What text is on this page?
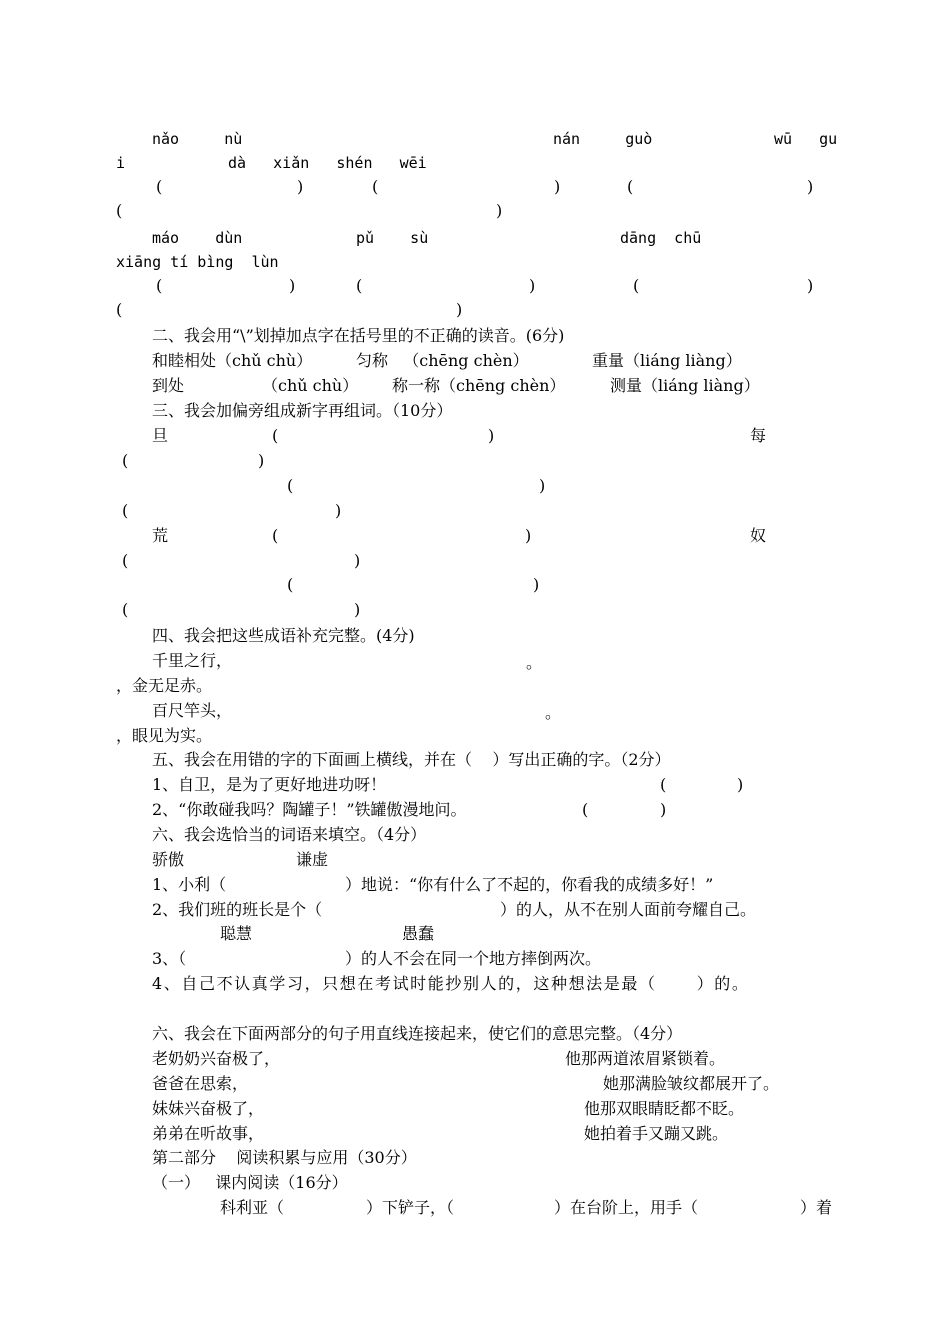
nǎo     nù	nán     guò	wū   gu
i	dà   xiǎn   shén   wēi
(	)	(	)	(	)
(	)
máo    dùn	pǔ    sù	dāng  chū
xiāng tí bìng  lùn
(	)	(	)	(	)
(	)
二、我会用“\”划掉加点字在括号里的不正确的读音。(6分)
和睦相处（chǔ chù）	匀称   （chēng chèn）	重量（liáng liàng）
到处	（chǔ chù） 称一称（chēng chèn）	测量（liáng liàng）
三、我会加偏旁组成新字再组词。（10分）
旦	(	)	每
(	)
(	)
(	)
荒	(	)	奴
(	)
(	)
(	)
四、我会把这些成语补充完整。(4分)
千里之行，	。
，金无足赤。
百尺竿头，	。
，眼见为实。
五、我会在用错的字的下面画上横线，并在（    ）写出正确的字。（2分）
1、自卫，是为了更好地进功呀！	(	)
2、“你敢碰我吗？陶罐子！”铁罐傲漫地问。	(	)
六、我会选恰当的词语来填空。（4分）
骄傲	谦虚
1、小利（	）地说：“你有什么了不起的，你看我的成绩多好！”
2、我们班的班长是个（	）的人，从不在别人面前夸耀自己。
聪慧	愚蠢
3、（	）的人不会在同一个地方摔倒两次。
4、自己不认真学习，只想在考试时能抄别人的，这种想法是最（      ）的。
六、我会在下面两部分的句子用直线连接起来，使它们的意思完整。（4分）
老奶奶兴奋极了，	他那两道浓眉紧锁着。
爸爸在思索，	她那满脸皱纹都展开了。
妹妹兴奋极了，	他那双眼睛眨都不眨。
弟弟在听故事，	她拍着手又蹦又跳。
第二部分    阅读积累与应用（30分）
（一）   课内阅读（16分）
科利亚（	）下铲子，（	）在台阶上，用手（	）着
